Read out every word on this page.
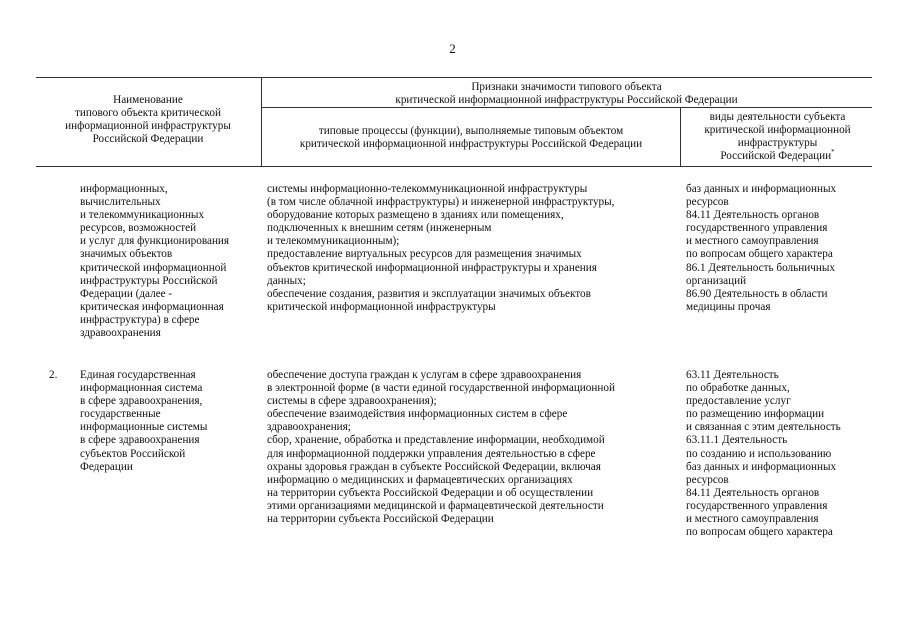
2
Наименование
типового объекта критической
информационной инфраструктуры
Российской Федерации
Признаки значимости типового объекта
критической информационной инфраструктуры Российской Федерации
типовые процессы (функции), выполняемые типовым объектом
критической информационной инфраструктуры Российской Федерации
виды деятельности субъекта
критической информационной
инфраструктуры
Российской Федерации*
информационных,
вычислительных
и телекоммуникационных
ресурсов, возможностей
и услуг для функционирования
значимых объектов
критической информационной
инфраструктуры Российской
Федерации (далее -
критическая информационная
инфраструктура) в сфере
здравоохранения
системы информационно-телекоммуникационной инфраструктуры
(в том числе облачной инфраструктуры) и инженерной инфраструктуры,
оборудование которых размещено в зданиях или помещениях,
подключенных к внешним сетям (инженерным
и телекоммуникационным);
предоставление виртуальных ресурсов для размещения значимых
объектов критической информационной инфраструктуры и хранения
данных;
обеспечение создания, развития и эксплуатации значимых объектов
критической информационной инфраструктуры
баз данных и информационных
ресурсов
84.11 Деятельность органов
государственного управления
и местного самоуправления
по вопросам общего характера
86.1 Деятельность больничных
организаций
86.90 Деятельность в области
медицины прочая
2.	Единая государственная
информационная система
в сфере здравоохранения,
государственные
информационные системы
в сфере здравоохранения
субъектов Российской
Федерации
обеспечение доступа граждан к услугам в сфере здравоохранения
в электронной форме (в части единой государственной информационной
системы в сфере здравоохранения);
обеспечение взаимодействия информационных систем в сфере
здравоохранения;
сбор, хранение, обработка и представление информации, необходимой
для информационной поддержки управления деятельностью в сфере
охраны здоровья граждан в субъекте Российской Федерации, включая
информацию о медицинских и фармацевтических организациях
на территории субъекта Российской Федерации и об осуществлении
этими организациями медицинской и фармацевтической деятельности
на территории субъекта Российской Федерации
63.11 Деятельность
по обработке данных,
предоставление услуг
по размещению информации
и связанная с этим деятельность
63.11.1 Деятельность
по созданию и использованию
баз данных и информационных
ресурсов
84.11 Деятельность органов
государственного управления
и местного самоуправления
по вопросам общего характера
